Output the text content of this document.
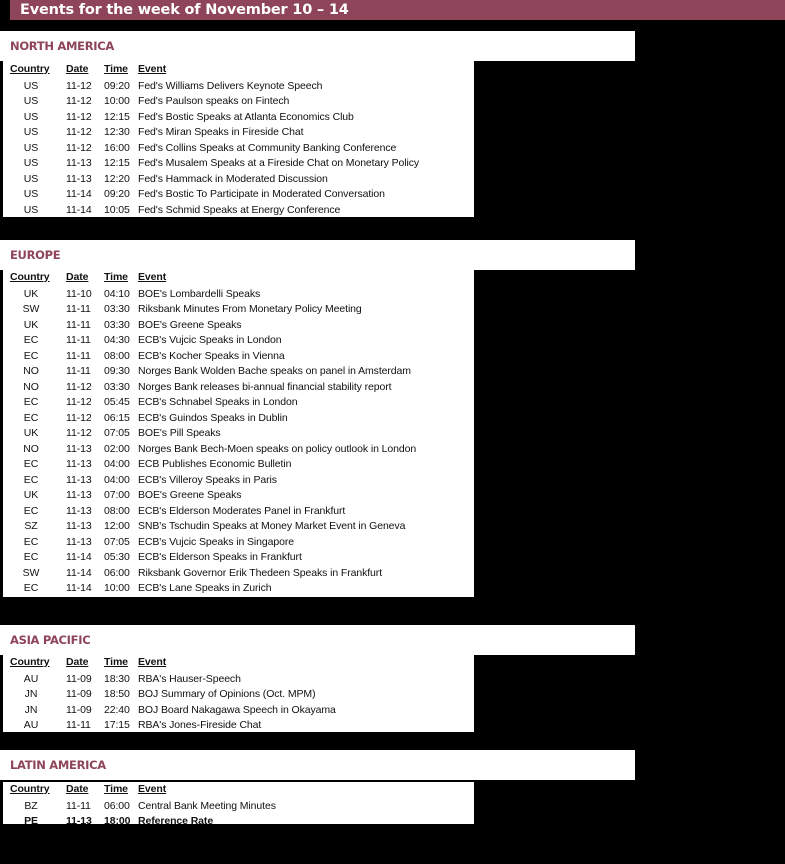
Events for the week of November 10 – 14
NORTH AMERICA
Country Date Time Event
US	11-12 09:20 Fed's Williams Delivers Keynote Speech
US	11-12 10:00 Fed's Paulson speaks on Fintech
US	11-12 12:15 Fed's Bostic Speaks at Atlanta Economics Club
US	11-12 12:30 Fed's Miran Speaks in Fireside Chat
US	11-12 16:00 Fed's Collins Speaks at Community Banking Conference
US	11-13 12:15 Fed's Musalem Speaks at a Fireside Chat on Monetary Policy
US	11-13 12:20 Fed's Hammack in Moderated Discussion
US	11-14 09:20 Fed's Bostic To Participate in Moderated Conversation
US	11-14 10:05 Fed's Schmid Speaks at Energy Conference
EUROPE
Country Date Time Event
UK	11-10 04:10 BOE's Lombardelli Speaks
SW	11-11 03:30 Riksbank Minutes From Monetary Policy Meeting
UK	11-11 03:30 BOE's Greene Speaks
EC	11-11 04:30 ECB's Vujcic Speaks in London
EC	11-11 08:00 ECB's Kocher Speaks in Vienna
NO	11-11 09:30 Norges Bank Wolden Bache speaks on panel in Amsterdam
NO	11-12 03:30 Norges Bank releases bi-annual financial stability report
EC	11-12 05:45 ECB's Schnabel Speaks in London
EC	11-12 06:15 ECB's Guindos Speaks in Dublin
UK	11-12 07:05 BOE's Pill Speaks
NO	11-13 02:00 Norges Bank Bech-Moen speaks on policy outlook in London
EC	11-13 04:00 ECB Publishes Economic Bulletin
EC	11-13 04:00 ECB's Villeroy Speaks in Paris
UK	11-13 07:00 BOE's Greene Speaks
EC	11-13 08:00 ECB's Elderson Moderates Panel in Frankfurt
SZ	11-13 12:00 SNB's Tschudin Speaks at Money Market Event in Geneva
EC	11-13 07:05 ECB's Vujcic Speaks in Singapore
EC	11-14 05:30 ECB's Elderson Speaks in Frankfurt
SW	11-14 06:00 Riksbank Governor Erik Thedeen Speaks in Frankfurt
EC	11-14 10:00 ECB's Lane Speaks in Zurich
ASIA PACIFIC
Country Date Time Event
AU	11-09 18:30 RBA's Hauser-Speech
JN	11-09 18:50 BOJ Summary of Opinions (Oct. MPM)
JN	11-09 22:40 BOJ Board Nakagawa Speech in Okayama
AU	11-11 17:15 RBA's Jones-Fireside Chat
LATIN AMERICA
Country Date Time Event
BZ	11-11 06:00 Central Bank Meeting Minutes
PE	11-13 18:00 Reference Rate
